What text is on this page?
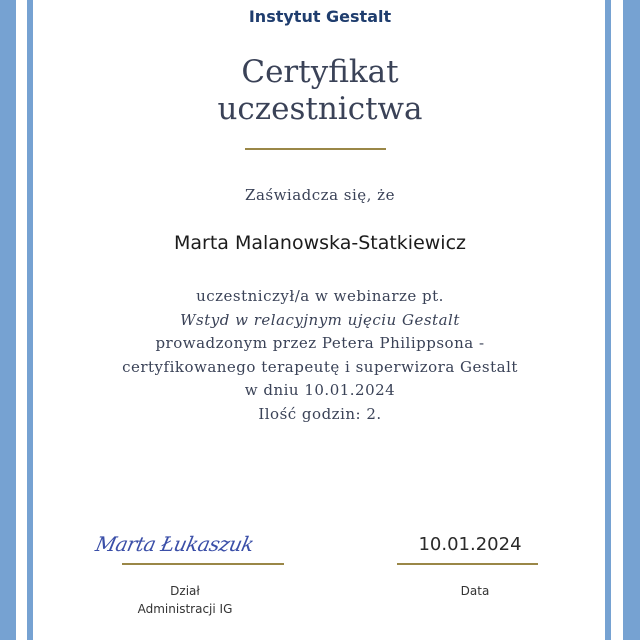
Instytut Gestalt
Certyfikat
uczestnictwa
Zaświadcza się, że
Marta Malanowska-Statkiewicz
uczestniczył/a w webinarze pt.
Wstyd w relacyjnym ujęciu Gestalt
prowadzonym przez Petera Philippsona -
certyfikowanego terapeutę i superwizora Gestalt
w dniu 10.01.2024
Ilość godzin: 2.
Marta Łukaszuk
Dział
Administracji IG
10.01.2024
Data
